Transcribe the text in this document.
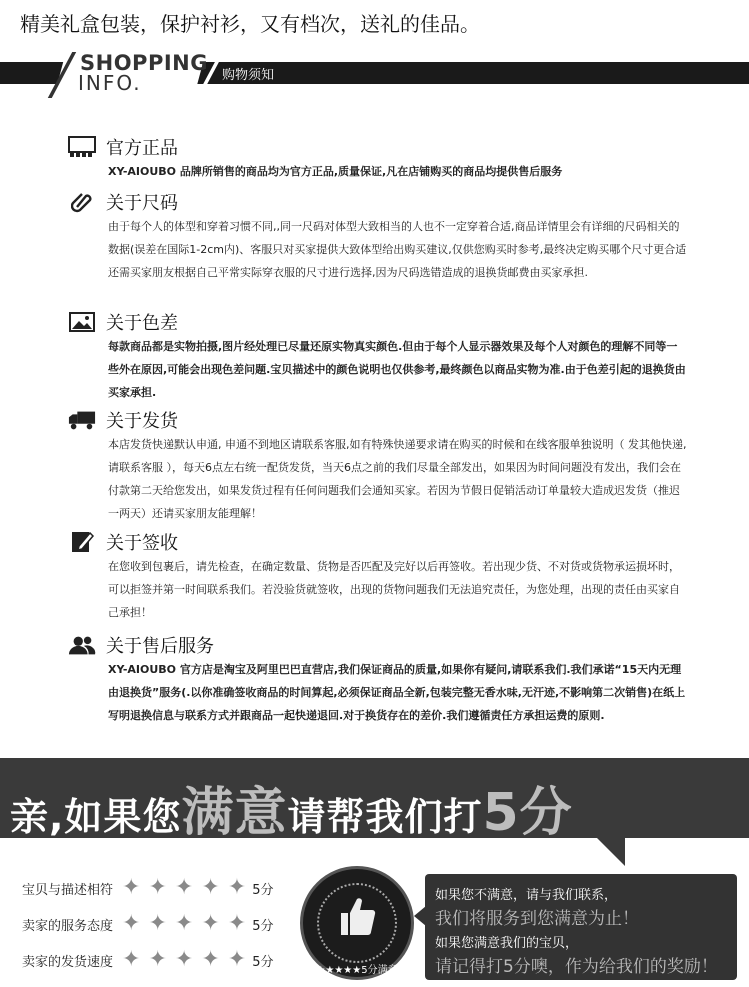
精美礼盒包装，保护衬衫，又有档次，送礼的佳品。
SHOPPING
INFO.	购物须知
官方正品
XY-AIOUBO 品牌所销售的商品均为官方正品,质量保证,凡在店铺购买的商品均提供售后服务
关于尺码
由于每个人的体型和穿着习惯不同,,同一尺码对体型大致相当的人也不一定穿着合适,商品详情里会有详细的尺码相关的数据(误差在国际1-2cm内)、客服只对买家提供大致体型给出购买建议,仅供您购买时参考,最终决定购买哪个尺寸更合适还需买家朋友根据自己平常实际穿衣服的尺寸进行选择,因为尺码选错造成的退换货邮费由买家承担.
关于色差
每款商品都是实物拍摄,图片经处理已尽量还原实物真实颜色.但由于每个人显示器效果及每个人对颜色的理解不同等一些外在原因,可能会出现色差问题.宝贝描述中的颜色说明也仅供参考,最终颜色以商品实物为准.由于色差引起的退换货由买家承担.
关于发货
本店发货快递默认申通, 申通不到地区请联系客服,如有特殊快递要求请在购买的时候和在线客服单独说明（ 发其他快递, 请联系客服 ），每天6点左右统一配货发货，当天6点之前的我们尽量全部发出，如果因为时间问题没有发出，我们会在付款第二天给您发出，如果发货过程有任何问题我们会通知买家。若因为节假日促销活动订单量较大造成迟发货（推迟一两天）还请买家朋友能理解！
关于签收
在您收到包裹后，请先检查，在确定数量、货物是否匹配及完好以后再签收。若出现少货、不对货或货物承运损坏时，可以拒签并第一时间联系我们。若没验货就签收，出现的货物问题我们无法追究责任，为您处理，出现的责任由买家自己承担！
关于售后服务
XY-AIOUBO 官方店是淘宝及阿里巴巴直营店,我们保证商品的质量,如果你有疑问,请联系我们.我们承诺“15天内无理由退换货”服务(.以你准确签收商品的时间算起,必须保证商品全新,包装完整无香水味,无汗迹,不影响第二次销售)在纸上写明退换信息与联系方式并跟商品一起快递退回.对于换货存在的差价.我们遵循责任方承担运费的原则.
亲,如果您满意请帮我们打5分
宝贝与描述相符 ✦ ✦ ✦ ✦ ✦ 5分
卖家的服务态度 ✦ ✦ ✦ ✦ ✦ 5分
卖家的发货速度 ✦ ✦ ✦ ✦ ✦ 5分
★★★★★5分满意
如果您不满意，请与我们联系，
我们将服务到您满意为止！
如果您满意我们的宝贝，
请记得打5分噢，作为给我们的奖励！
